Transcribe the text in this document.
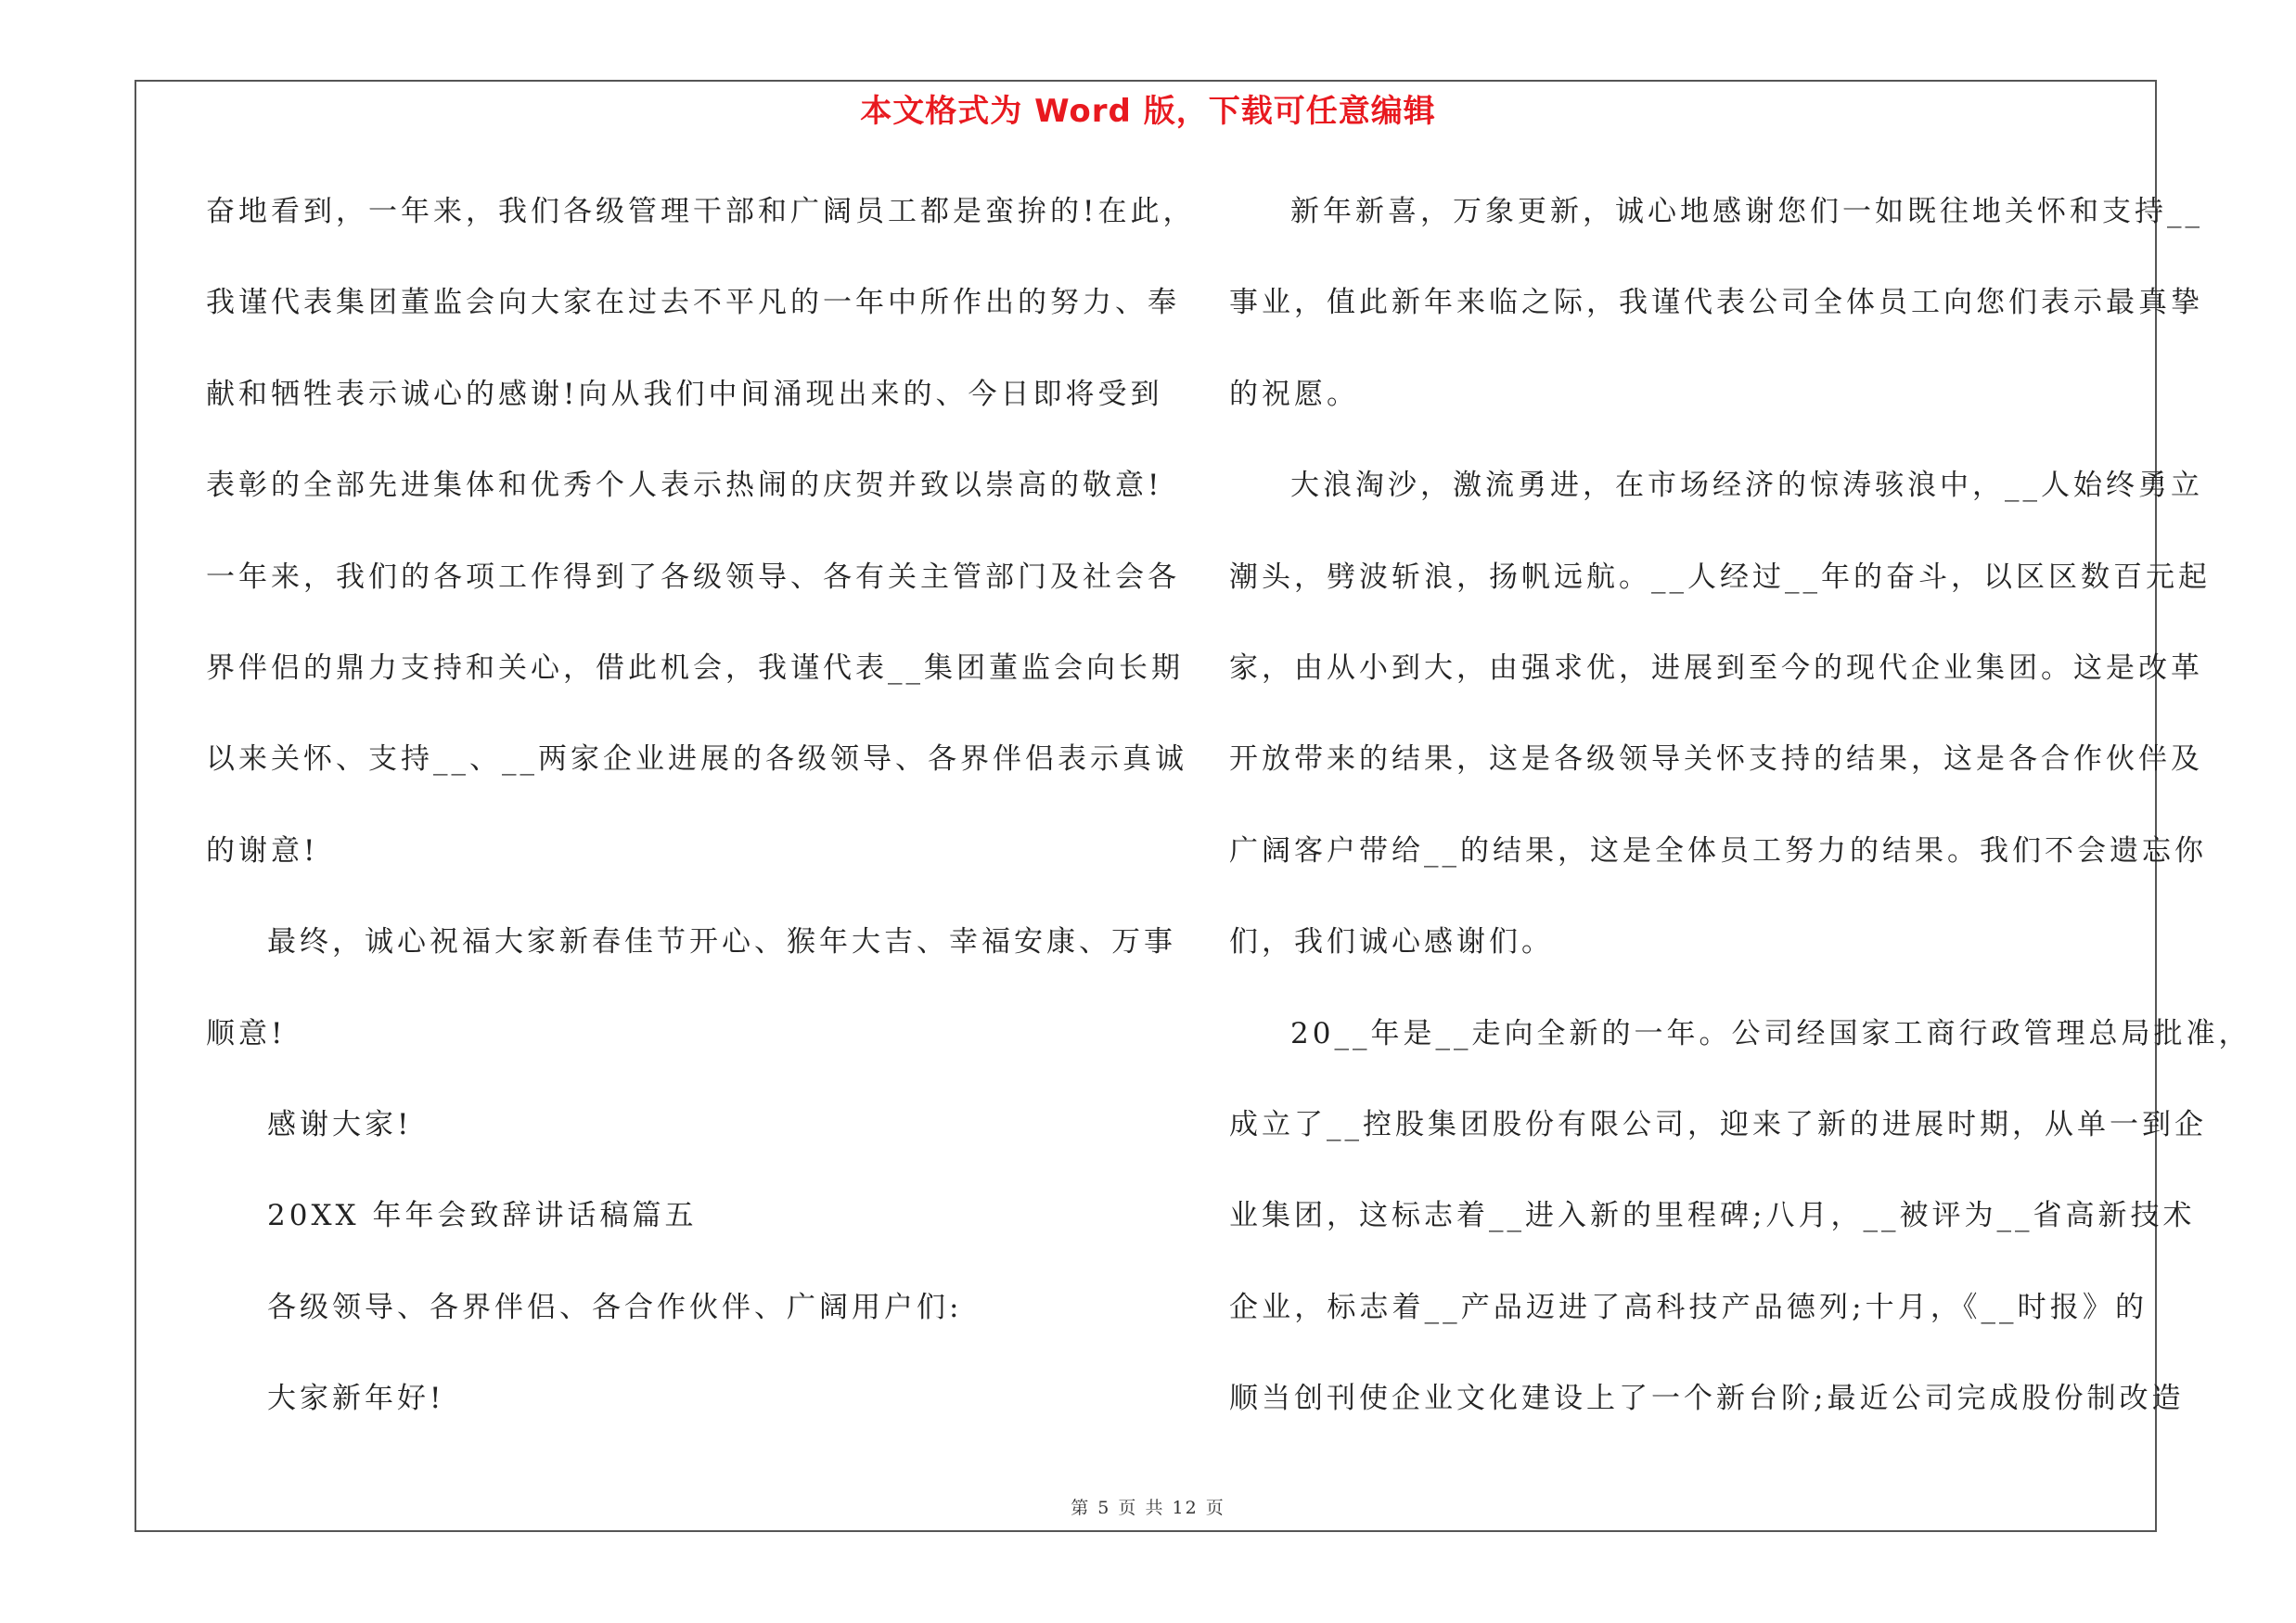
本文格式为 Word 版，下载可任意编辑
奋地看到，一年来，我们各级管理干部和广阔员工都是蛮拚的!在此，
我谨代表集团董监会向大家在过去不平凡的一年中所作出的努力、奉
献和牺牲表示诚心的感谢!向从我们中间涌现出来的、今日即将受到
表彰的全部先进集体和优秀个人表示热闹的庆贺并致以崇高的敬意!
一年来，我们的各项工作得到了各级领导、各有关主管部门及社会各
界伴侣的鼎力支持和关心，借此机会，我谨代表__集团董监会向长期
以来关怀、支持__、__两家企业进展的各级领导、各界伴侣表示真诚
的谢意!
最终，诚心祝福大家新春佳节开心、猴年大吉、幸福安康、万事
顺意!
感谢大家!
20XX 年年会致辞讲话稿篇五
各级领导、各界伴侣、各合作伙伴、广阔用户们:
大家新年好!
新年新喜，万象更新，诚心地感谢您们一如既往地关怀和支持__
事业，值此新年来临之际，我谨代表公司全体员工向您们表示最真挚
的祝愿。
大浪淘沙，激流勇进，在市场经济的惊涛骇浪中，__人始终勇立
潮头，劈波斩浪，扬帆远航。__人经过__年的奋斗，以区区数百元起
家，由从小到大，由强求优，进展到至今的现代企业集团。这是改革
开放带来的结果，这是各级领导关怀支持的结果，这是各合作伙伴及
广阔客户带给__的结果，这是全体员工努力的结果。我们不会遗忘你
们，我们诚心感谢们。
20__年是__走向全新的一年。公司经国家工商行政管理总局批准，
成立了__控股集团股份有限公司，迎来了新的进展时期，从单一到企
业集团，这标志着__进入新的里程碑;八月，__被评为__省高新技术
企业，标志着__产品迈进了高科技产品德列;十月，《__时报》的
顺当创刊使企业文化建设上了一个新台阶;最近公司完成股份制改造
第 5 页 共 12 页
